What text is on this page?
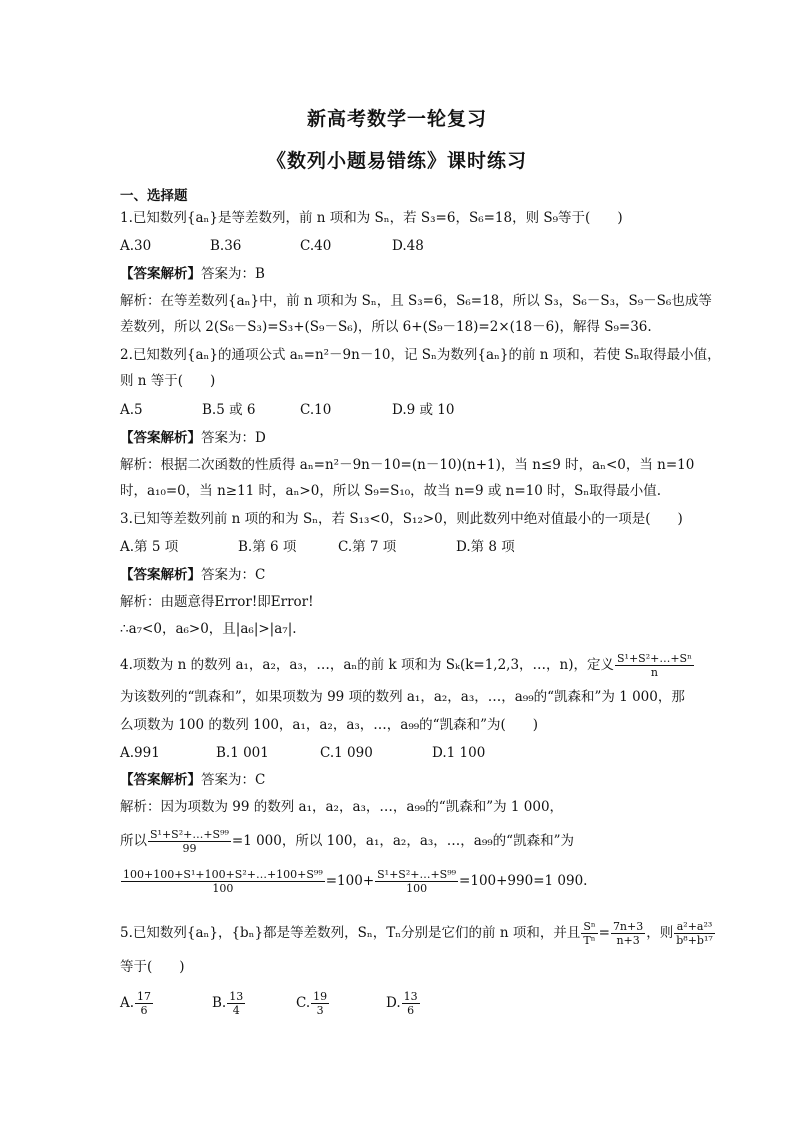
新高考数学一轮复习
《数列小题易错练》课时练习
一、选择题
1.已知数列{aₙ}是等差数列，前 n 项和为 Sₙ，若 S₃=6，S₆=18，则 S₉等于(　　)
A.30	B.36	C.40	D.48
【答案解析】答案为：B
解析：在等差数列{aₙ}中，前 n 项和为 Sₙ，且 S₃=6，S₆=18，所以 S₃，S₆－S₃，S₉－S₆也成等
差数列，所以 2(S₆－S₃)=S₃+(S₉－S₆)，所以 6+(S₉－18)=2×(18－6)，解得 S₉=36.
2.已知数列{aₙ}的通项公式 aₙ=n²－9n－10，记 Sₙ为数列{aₙ}的前 n 项和，若使 Sₙ取得最小值，
则 n 等于(　　)
A.5	B.5 或 6	C.10	D.9 或 10
【答案解析】答案为：D
解析：根据二次函数的性质得 aₙ=n²－9n－10=(n－10)(n+1)，当 n≤9 时，aₙ<0，当 n=10
时，a₁₀=0，当 n≥11 时，aₙ>0，所以 S₉=S₁₀，故当 n=9 或 n=10 时，Sₙ取得最小值.
3.已知等差数列前 n 项的和为 Sₙ，若 S₁₃<0，S₁₂>0，则此数列中绝对值最小的一项是(　　)
A.第 5 项	B.第 6 项	C.第 7 项	D.第 8 项
【答案解析】答案为：C
解析：由题意得Error!即Error!
∴a₇<0，a₆>0，且|a₆|>|a₇|.
4.项数为 n 的数列 a₁，a₂，a₃，…，aₙ的前 k 项和为 Sₖ(k=1,2,3，…，n)，定义 $\frac{\text{S¹+S²+…+Sⁿ}}{n}$
为该数列的“凯森和”，如果项数为 99 项的数列 a₁，a₂，a₃，…，a₉₉的“凯森和”为 1 000，那
么项数为 100 的数列 100，a₁，a₂，a₃，…，a₉₉的“凯森和”为(　　)
A.991	B.1 001	C.1 090	D.1 100
【答案解析】答案为：C
解析：因为项数为 99 的数列 a₁，a₂，a₃，…，a₉₉的“凯森和”为 1 000，
所以 $\frac{\text{S¹+S²+…+S⁹⁹}}{99} =1$ 000，所以 100，a₁，a₂，a₃，…，a₉₉的“凯森和”为
$\frac{\text{100+100+S¹+100+S²+…+100+S⁹⁹}}{100} =100+ \frac{\text{S¹+S²+…+S⁹⁹}}{100} =100+990=1$ 090.
5.已知数列{aₙ}，{bₙ}都是等差数列，Sₙ，Tₙ分别是它们的前 n 项和，并且 $\frac{\text{Sⁿ}}{\text{Tⁿ}} = \frac{7n+3}{n+3}$ ，则 $\frac{\text{a²+a²³}}{\text{b⁸+b¹⁷}}$
等于(　　)
A. $\frac{17}{6}$	B. $\frac{13}{4}$	C. $\frac{19}{3}$	D. $\frac{13}{6}$
